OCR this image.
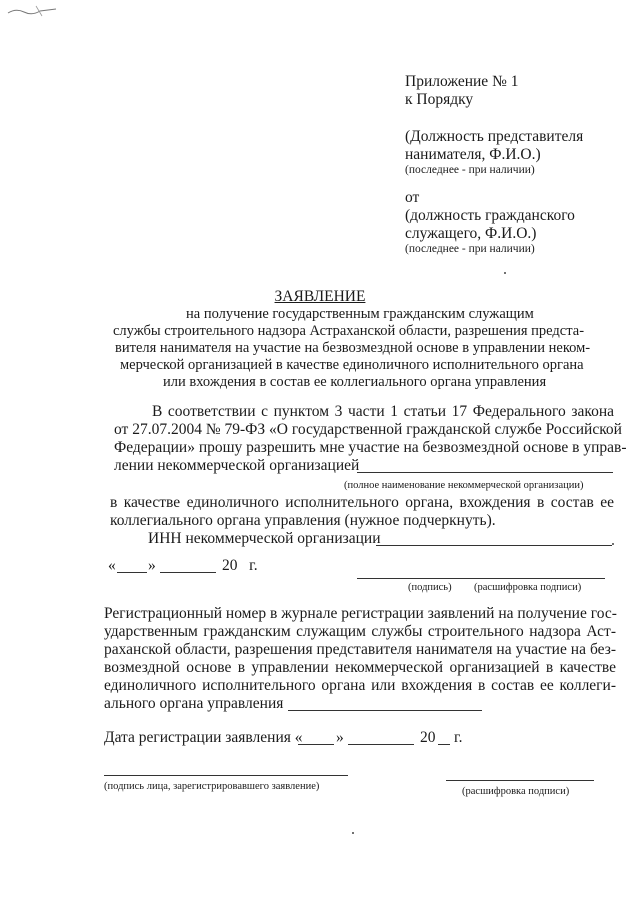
Приложение № 1
к Порядку
(Должность представителя
нанимателя, Ф.И.О.)
(последнее - при наличии)
от
(должность гражданского
служащего, Ф.И.О.)
(последнее - при наличии)
ЗАЯВЛЕНИЕ
на получение государственным гражданским служащим
службы строительного надзора Астраханской области, разрешения предста-
вителя нанимателя на участие на безвозмездной основе в управлении неком-
мерческой организацией в качестве единоличного исполнительного органа
или вхождения в состав ее коллегиального органа управления
В соответствии с пунктом 3 части 1 статьи 17 Федерального закона
от 27.07.2004 № 79-ФЗ «О государственной гражданской службе Российской
Федерации» прошу разрешить мне участие на безвозмездной основе в управ-
лении некоммерческой организацией
(полное наименование некоммерческой организации)
в качестве единоличного исполнительного органа, вхождения в состав ее
коллегиального органа управления (нужное подчеркнуть).
ИНН некоммерческой организации
« »	20   г.
(подпись) (расшифровка подписи)
Регистрационный номер в журнале регистрации заявлений на получение гос-
ударственным гражданским служащим службы строительного надзора Аст-
раханской области, разрешения представителя нанимателя на участие на без-
возмездной основе в управлении некоммерческой организацией в качестве
единоличного исполнительного органа или вхождения в состав ее коллеги-
ального органа управления
Дата регистрации заявления « »	20 г.
(подпись лица, зарегистрировавшего заявление)	(расшифровка подписи)
